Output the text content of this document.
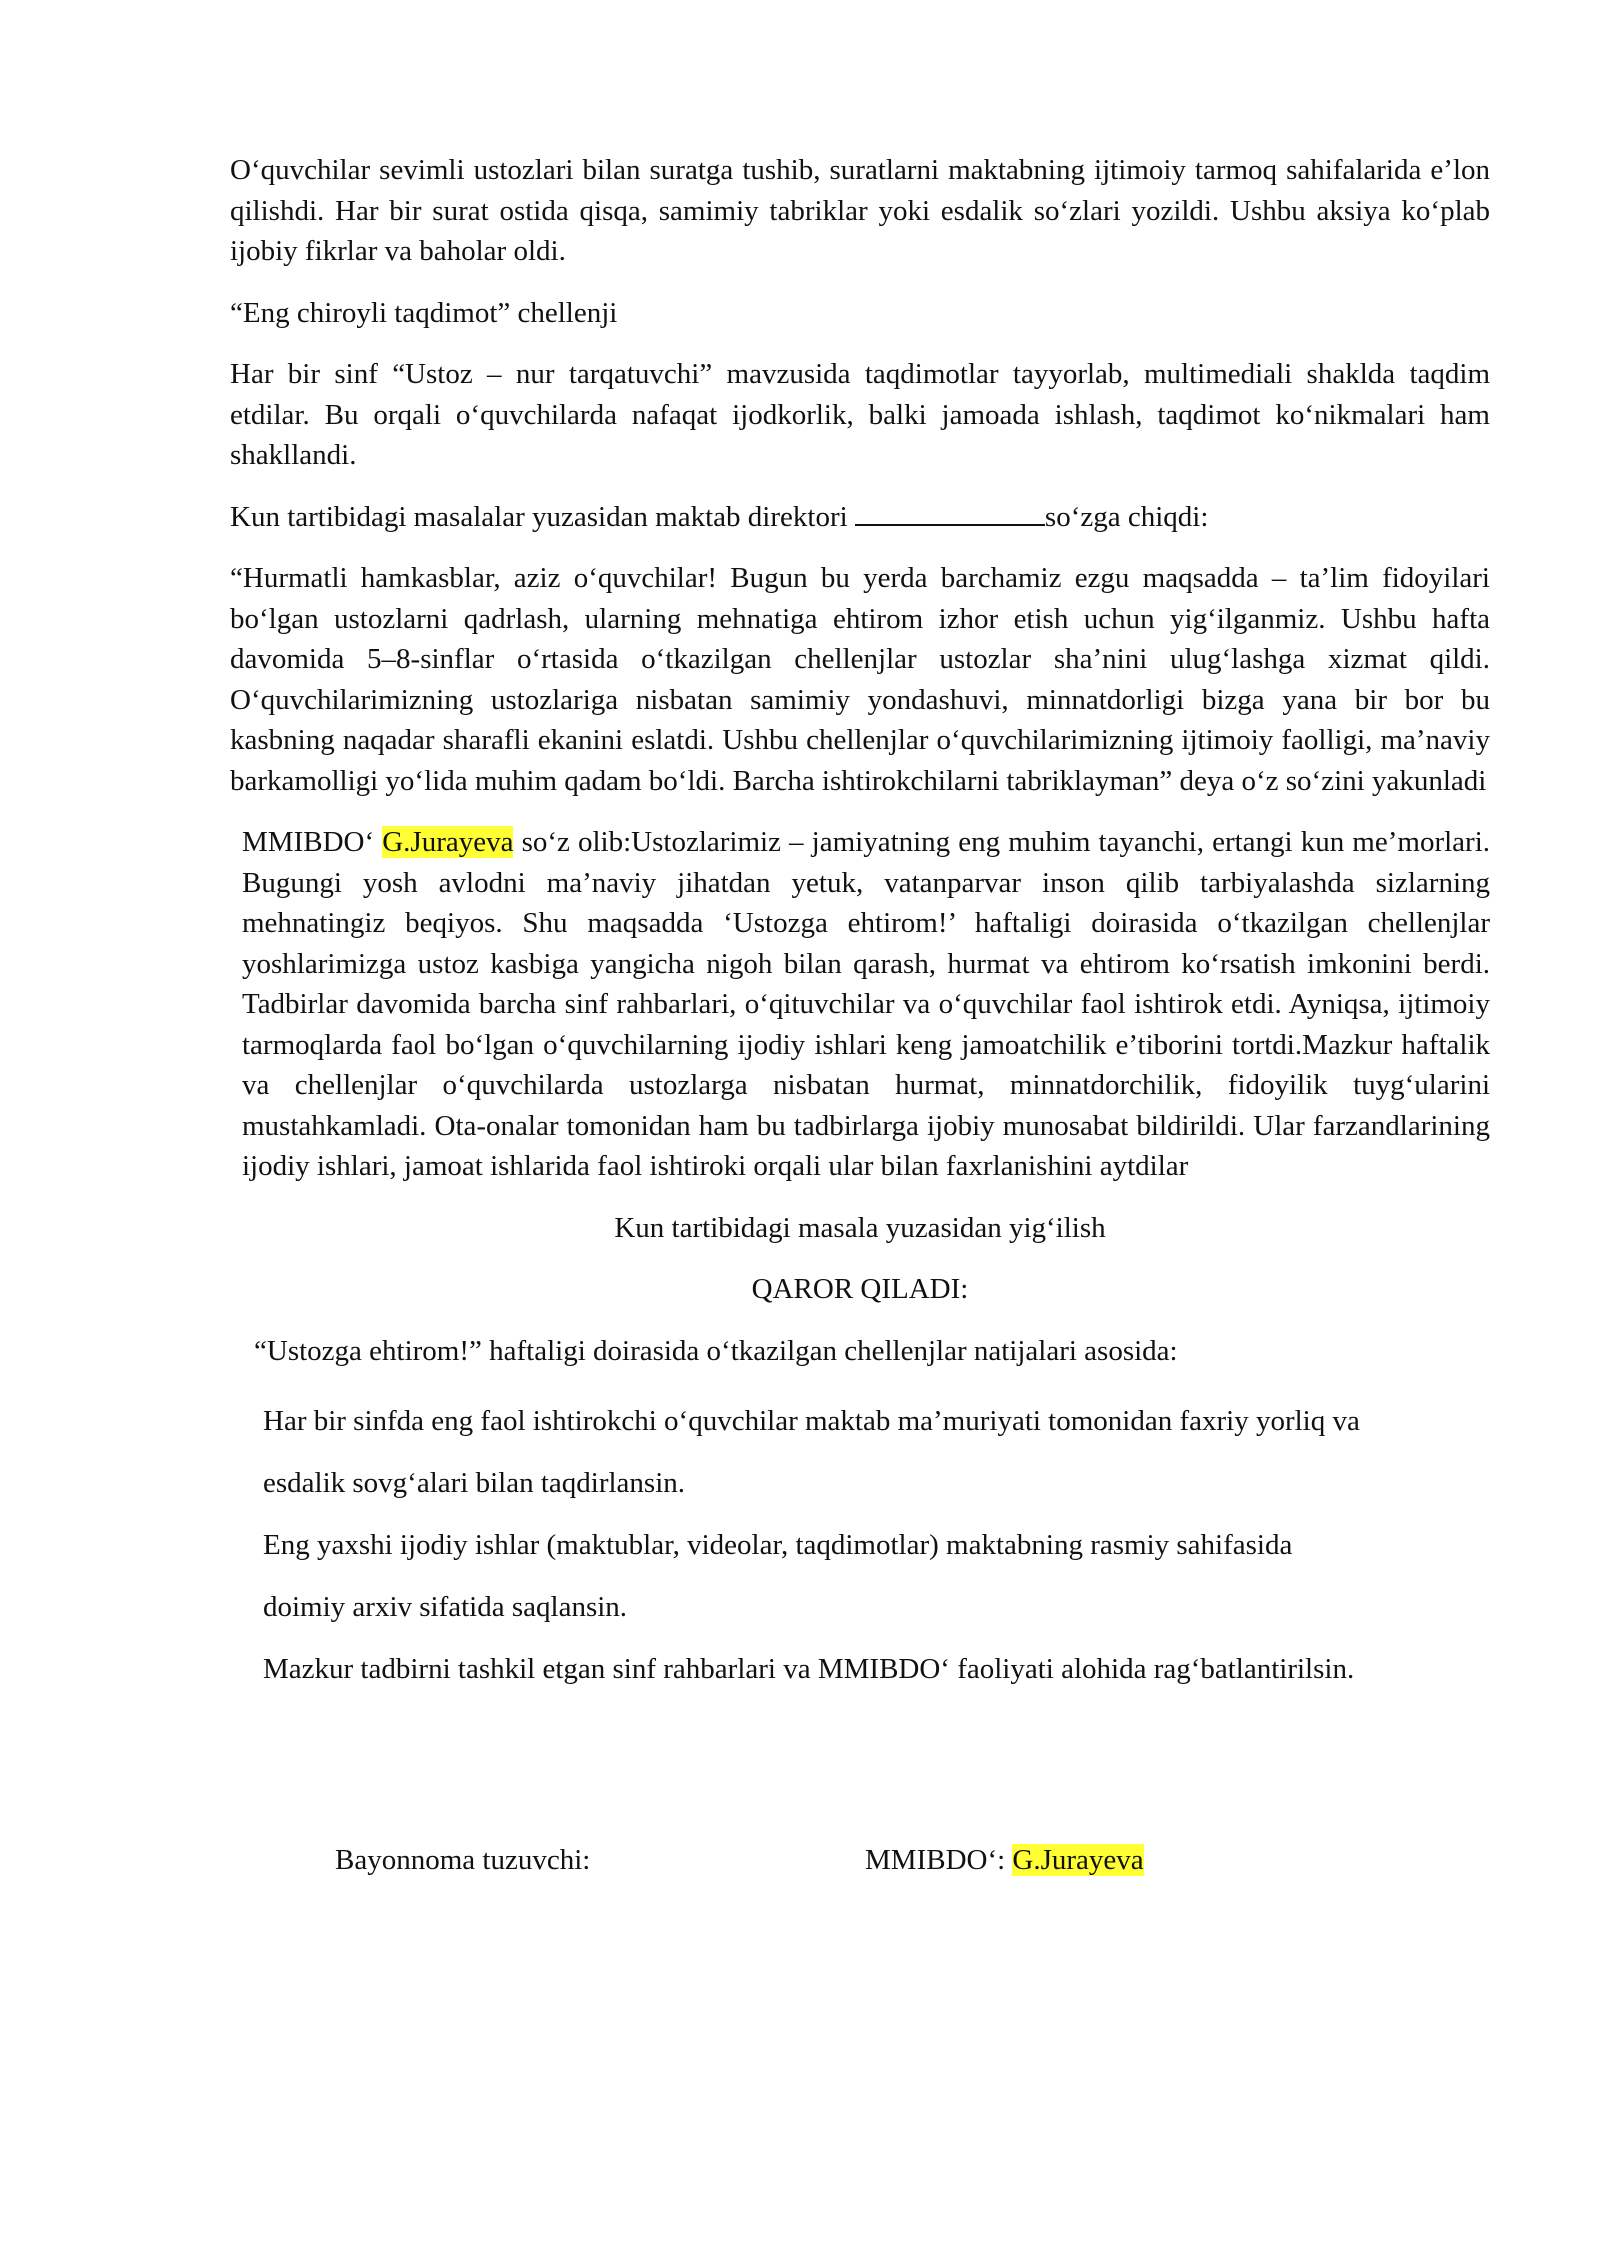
O‘quvchilar sevimli ustozlari bilan suratga tushib, suratlarni maktabning ijtimoiy tarmoq sahifalarida e’lon qilishdi. Har bir surat ostida qisqa, samimiy tabriklar yoki esdalik so‘zlari yozildi. Ushbu aksiya ko‘plab ijobiy fikrlar va baholar oldi.

“Eng chiroyli taqdimot” chellenji

Har bir sinf “Ustoz – nur tarqatuvchi” mavzusida taqdimotlar tayyorlab, multimediali shaklda taqdim etdilar. Bu orqali o‘quvchilarda nafaqat ijodkorlik, balki jamoada ishlash, taqdimot ko‘nikmalari ham shakllandi.

Kun tartibidagi masalalar yuzasidan maktab direktori	so‘zga chiqdi:

“Hurmatli hamkasblar, aziz o‘quvchilar! Bugun bu yerda barchamiz ezgu maqsadda – ta’lim fidoyilari bo‘lgan ustozlarni qadrlash, ularning mehnatiga ehtirom izhor etish uchun yig‘ilganmiz. Ushbu hafta davomida 5–8-sinflar o‘rtasida o‘tkazilgan chellenjlar ustozlar sha’nini ulug‘lashga xizmat qildi. O‘quvchilarimizning ustozlariga nisbatan samimiy yondashuvi, minnatdorligi bizga yana bir bor bu kasbning naqadar sharafli ekanini eslatdi. Ushbu chellenjlar o‘quvchilarimizning ijtimoiy faolligi, ma’naviy barkamolligi yo‘lida muhim qadam bo‘ldi. Barcha ishtirokchilarni tabriklayman” deya o‘z so‘zini yakunladi

MMIBDO‘ G.Jurayeva so‘z olib:Ustozlarimiz – jamiyatning eng muhim tayanchi, ertangi kun me’morlari. Bugungi yosh avlodni ma’naviy jihatdan yetuk, vatanparvar inson qilib tarbiyalashda sizlarning mehnatingiz beqiyos. Shu maqsadda ‘Ustozga ehtirom!’ haftaligi doirasida o‘tkazilgan chellenjlar yoshlarimizga ustoz kasbiga yangicha nigoh bilan qarash, hurmat va ehtirom ko‘rsatish imkonini berdi. Tadbirlar davomida barcha sinf rahbarlari, o‘qituvchilar va o‘quvchilar faol ishtirok etdi. Ayniqsa, ijtimoiy tarmoqlarda faol bo‘lgan o‘quvchilarning ijodiy ishlari keng jamoatchilik e’tiborini tortdi.Mazkur haftalik va chellenjlar o‘quvchilarda ustozlarga nisbatan hurmat, minnatdorchilik, fidoyilik tuyg‘ularini mustahkamladi. Ota-onalar tomonidan ham bu tadbirlarga ijobiy munosabat bildirildi. Ular farzandlarining ijodiy ishlari, jamoat ishlarida faol ishtiroki orqali ular bilan faxrlanishini aytdilar

Kun tartibidagi masala yuzasidan yig‘ilish

QAROR QILADI:

“Ustozga ehtirom!” haftaligi doirasida o‘tkazilgan chellenjlar natijalari asosida:

Har bir sinfda eng faol ishtirokchi o‘quvchilar maktab ma’muriyati tomonidan faxriy yorliq va

esdalik sovg‘alari bilan taqdirlansin.

Eng yaxshi ijodiy ishlar (maktublar, videolar, taqdimotlar) maktabning rasmiy sahifasida

doimiy arxiv sifatida saqlansin.

Mazkur tadbirni tashkil etgan sinf rahbarlari va MMIBDO‘ faoliyati alohida rag‘batlantirilsin.

Bayonnoma tuzuvchi:	MMIBDO‘: G.Jurayeva
